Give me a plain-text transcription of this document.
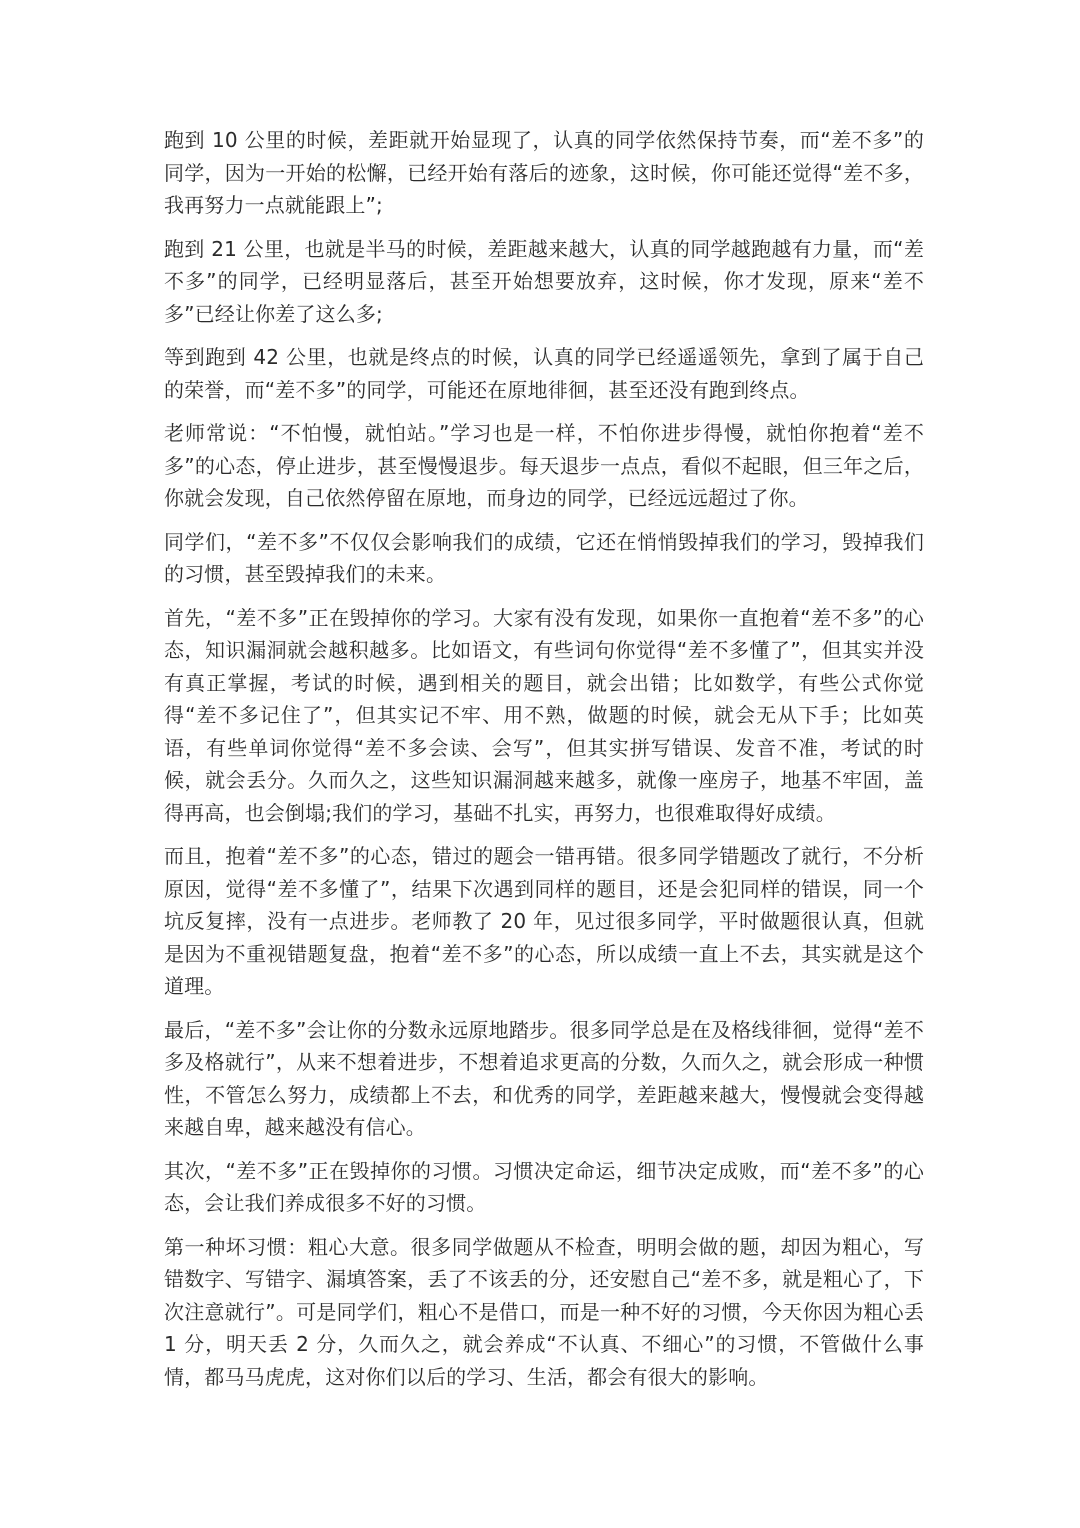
跑到 10 公里的时候，差距就开始显现了，认真的同学依然保持节奏，而“差不多”的同学，因为一开始的松懈，已经开始有落后的迹象，这时候，你可能还觉得“差不多，我再努力一点就能跟上”;

跑到 21 公里，也就是半马的时候，差距越来越大，认真的同学越跑越有力量，而“差不多”的同学，已经明显落后，甚至开始想要放弃，这时候，你才发现，原来“差不多”已经让你差了这么多;

等到跑到 42 公里，也就是终点的时候，认真的同学已经遥遥领先，拿到了属于自己的荣誉，而“差不多”的同学，可能还在原地徘徊，甚至还没有跑到终点。

老师常说：“不怕慢，就怕站。”学习也是一样，不怕你进步得慢，就怕你抱着“差不多”的心态，停止进步，甚至慢慢退步。每天退步一点点，看似不起眼，但三年之后，你就会发现，自己依然停留在原地，而身边的同学，已经远远超过了你。

同学们，“差不多”不仅仅会影响我们的成绩，它还在悄悄毁掉我们的学习，毁掉我们的习惯，甚至毁掉我们的未来。

首先，“差不多”正在毁掉你的学习。大家有没有发现，如果你一直抱着“差不多”的心态，知识漏洞就会越积越多。比如语文，有些词句你觉得“差不多懂了”，但其实并没有真正掌握，考试的时候，遇到相关的题目，就会出错；比如数学，有些公式你觉得“差不多记住了”，但其实记不牢、用不熟，做题的时候，就会无从下手；比如英语，有些单词你觉得“差不多会读、会写”，但其实拼写错误、发音不准，考试的时候，就会丢分。久而久之，这些知识漏洞越来越多，就像一座房子，地基不牢固，盖得再高，也会倒塌;我们的学习，基础不扎实，再努力，也很难取得好成绩。

而且，抱着“差不多”的心态，错过的题会一错再错。很多同学错题改了就行，不分析原因，觉得“差不多懂了”，结果下次遇到同样的题目，还是会犯同样的错误，同一个坑反复摔，没有一点进步。老师教了 20 年，见过很多同学，平时做题很认真，但就是因为不重视错题复盘，抱着“差不多”的心态，所以成绩一直上不去，其实就是这个道理。

最后，“差不多”会让你的分数永远原地踏步。很多同学总是在及格线徘徊，觉得“差不多及格就行”，从来不想着进步，不想着追求更高的分数，久而久之，就会形成一种惯性，不管怎么努力，成绩都上不去，和优秀的同学，差距越来越大，慢慢就会变得越来越自卑，越来越没有信心。

其次，“差不多”正在毁掉你的习惯。习惯决定命运，细节决定成败，而“差不多”的心态，会让我们养成很多不好的习惯。

第一种坏习惯：粗心大意。很多同学做题从不检查，明明会做的题，却因为粗心，写错数字、写错字、漏填答案，丢了不该丢的分，还安慰自己“差不多，就是粗心了，下次注意就行”。可是同学们，粗心不是借口，而是一种不好的习惯，今天你因为粗心丢 1 分，明天丢 2 分，久而久之，就会养成“不认真、不细心”的习惯，不管做什么事情，都马马虎虎，这对你们以后的学习、生活，都会有很大的影响。
